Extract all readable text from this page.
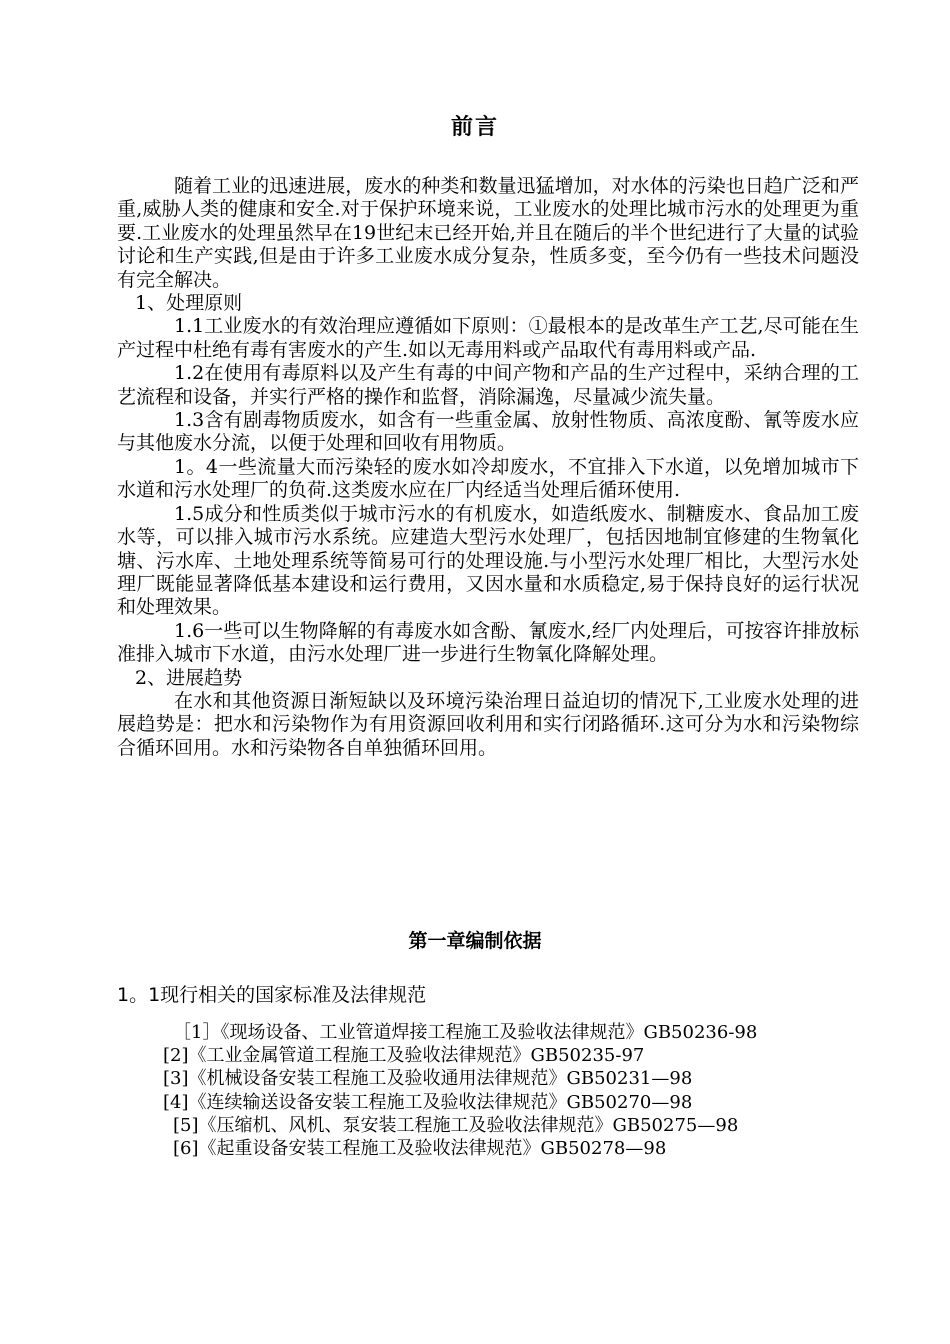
前言

随着工业的迅速进展，废水的种类和数量迅猛增加，对水体的污染也日趋广泛和严重,威胁人类的健康和安全.对于保护环境来说，工业废水的处理比城市污水的处理更为重要.工业废水的处理虽然早在19世纪末已经开始,并且在随后的半个世纪进行了大量的试验讨论和生产实践,但是由于许多工业废水成分复杂，性质多变，至今仍有一些技术问题没有完全解决。

1、处理原则

1.1工业废水的有效治理应遵循如下原则：①最根本的是改革生产工艺,尽可能在生产过程中杜绝有毒有害废水的产生.如以无毒用料或产品取代有毒用料或产品.

1.2在使用有毒原料以及产生有毒的中间产物和产品的生产过程中，采纳合理的工艺流程和设备，并实行严格的操作和监督，消除漏逸，尽量减少流失量。

1.3含有剧毒物质废水，如含有一些重金属、放射性物质、高浓度酚、氰等废水应与其他废水分流，以便于处理和回收有用物质。

1。4一些流量大而污染轻的废水如冷却废水，不宜排入下水道，以免增加城市下水道和污水处理厂的负荷.这类废水应在厂内经适当处理后循环使用.

1.5成分和性质类似于城市污水的有机废水，如造纸废水、制糖废水、食品加工废水等，可以排入城市污水系统。应建造大型污水处理厂，包括因地制宜修建的生物氧化塘、污水库、土地处理系统等简易可行的处理设施.与小型污水处理厂相比，大型污水处理厂既能显著降低基本建设和运行费用，又因水量和水质稳定,易于保持良好的运行状况和处理效果。

1.6一些可以生物降解的有毒废水如含酚、氰废水,经厂内处理后，可按容许排放标准排入城市下水道，由污水处理厂进一步进行生物氧化降解处理。

2、进展趋势

在水和其他资源日渐短缺以及环境污染治理日益迫切的情况下,工业废水处理的进展趋势是：把水和污染物作为有用资源回收利用和实行闭路循环.这可分为水和污染物综合循环回用。水和污染物各自单独循环回用。

第一章编制依据
1。1现行相关的国家标准及法律规范

［1］《现场设备、工业管道焊接工程施工及验收法律规范》GB50236-98

[2]《工业金属管道工程施工及验收法律规范》GB50235-97

[3]《机械设备安装工程施工及验收通用法律规范》GB50231—98

[4]《连续输送设备安装工程施工及验收法律规范》GB50270—98

[5]《压缩机、风机、泵安装工程施工及验收法律规范》GB50275—98

[6]《起重设备安装工程施工及验收法律规范》GB50278—98
